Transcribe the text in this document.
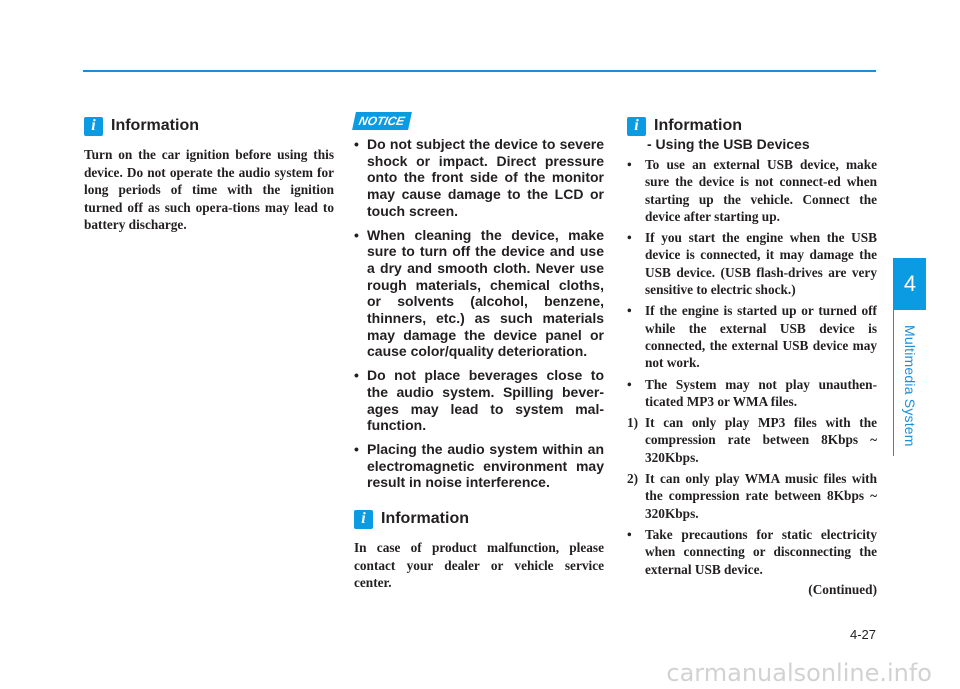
i Information

Turn on the car ignition before using this device. Do not operate the audio system for long periods of time with the ignition turned off as such opera-tions may lead to battery discharge.

NOTICE
• Do not subject the device to severe shock or impact. Direct pressure onto the front side of the monitor may cause damage to the LCD or touch screen.
• When cleaning the device, make sure to turn off the device and use a dry and smooth cloth. Never use rough materials, chemical cloths, or solvents (alcohol, benzene, thinners, etc.) as such materials may damage the device panel or cause color/quality deterioration.
• Do not place beverages close to the audio system. Spilling bever-ages may lead to system mal-function.
• Placing the audio system within an electromagnetic environment may result in noise interference.
i Information

In case of product malfunction, please contact your dealer or vehicle service center.

i Information
- Using the USB Devices
• To use an external USB device, make sure the device is not connect-ed when starting up the vehicle. Connect the device after starting up.
• If you start the engine when the USB device is connected, it may damage the USB device. (USB flash-drives are very sensitive to electric shock.)
• If the engine is started up or turned off while the external USB device is connected, the external USB device may not work.
• The System may not play unauthen-ticated MP3 or WMA files.
1) It can only play MP3 files with the compression rate between 8Kbps ~ 320Kbps.
2) It can only play WMA music files with the compression rate between 8Kbps ~ 320Kbps.
• Take precautions for static electricity when connecting or disconnecting the external USB device.
(Continued)
4
Multimedia System
4-27
carmanualsonline.info
